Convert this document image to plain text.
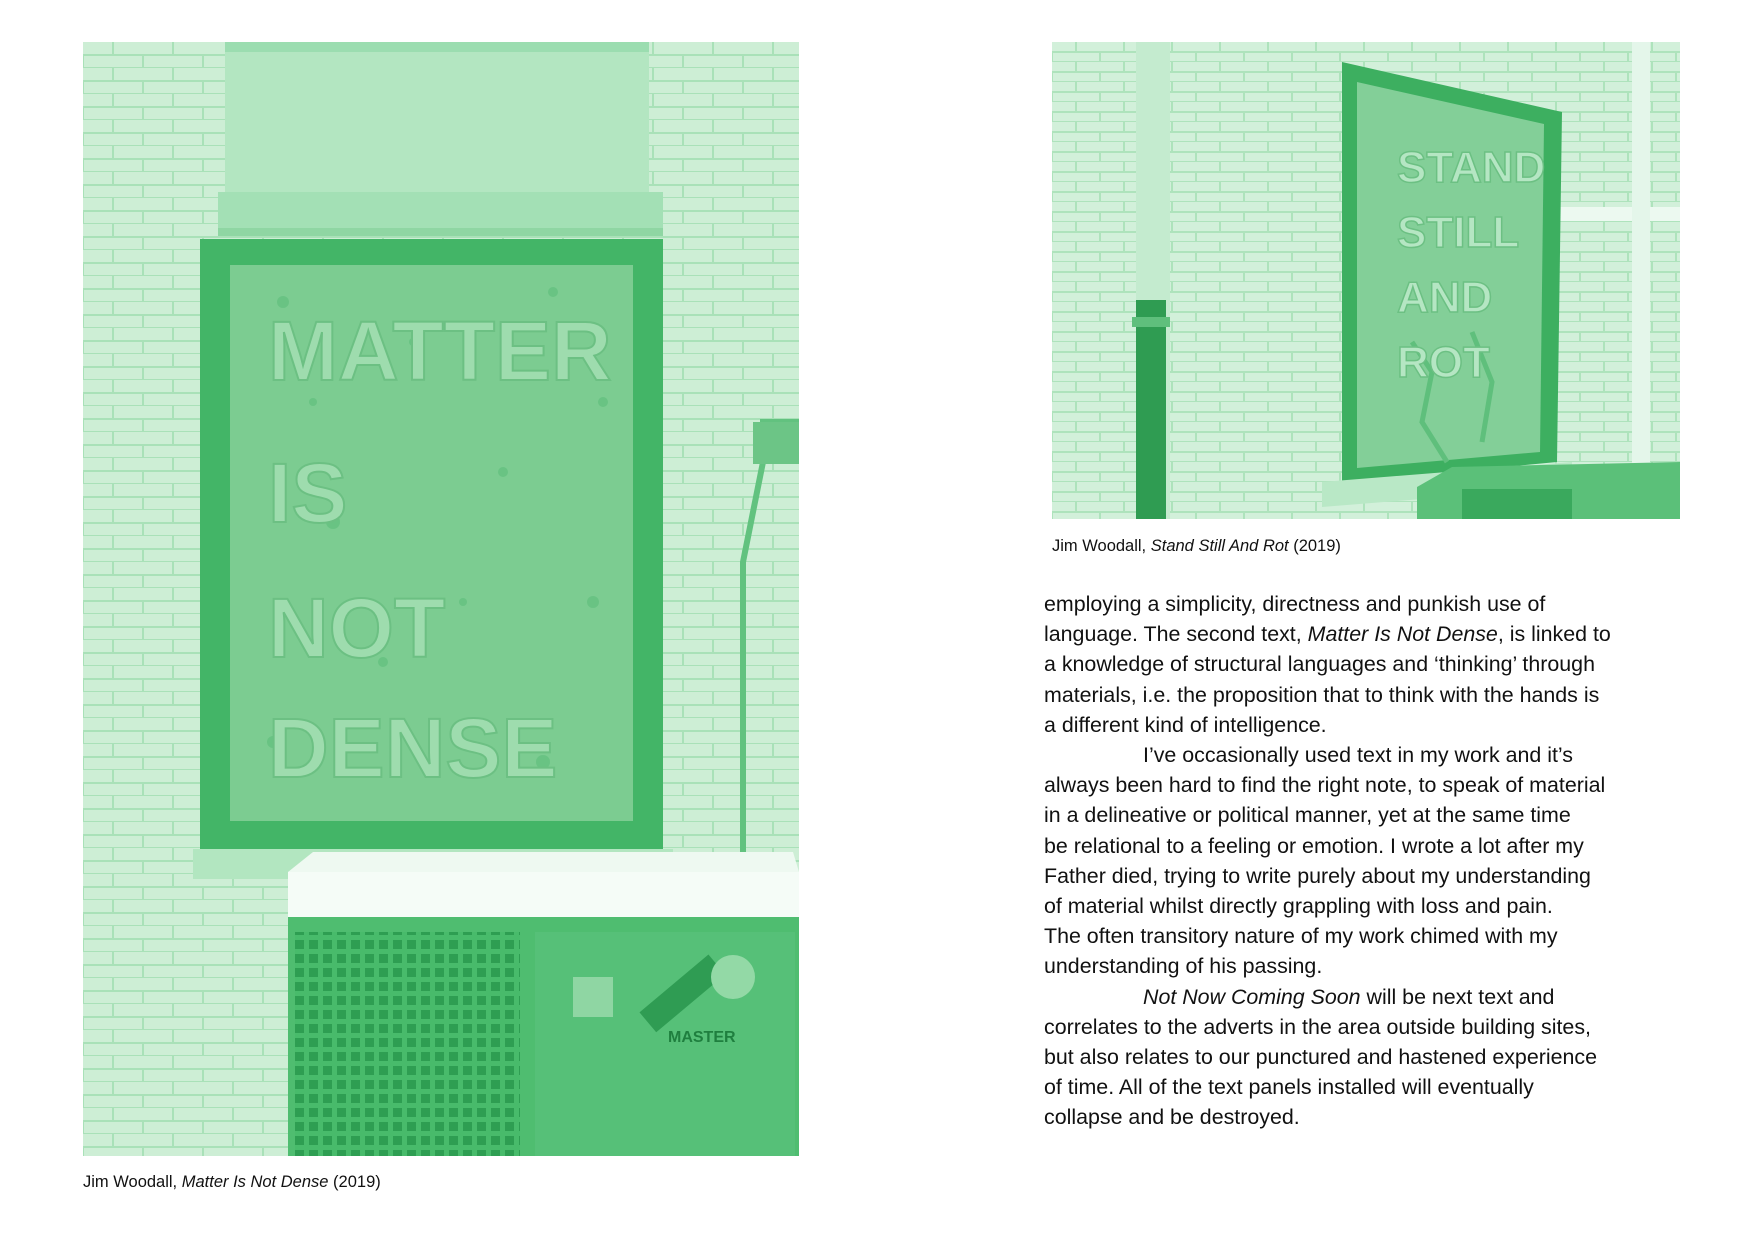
MATTER
IS
NOT
DENSE
MASTER
Jim Woodall, Matter Is Not Dense (2019)
STAND
STILL
AND
ROT
Jim Woodall, Stand Still And Rot (2019)
employing a simplicity, directness and punkish use of
language. The second text, Matter Is Not Dense, is linked to
a knowledge of structural languages and ‘thinking’ through
materials, i.e. the proposition that to think with the hands is
a different kind of intelligence.
I’ve occasionally used text in my work and it’s
always been hard to find the right note, to speak of material
in a delineative or political manner, yet at the same time
be relational to a feeling or emotion. I wrote a lot after my
Father died, trying to write purely about my understanding
of material whilst directly grappling with loss and pain.
The often transitory nature of my work chimed with my
understanding of his passing.
Not Now Coming Soon will be next text and
correlates to the adverts in the area outside building sites,
but also relates to our punctured and hastened experience
of time. All of the text panels installed will eventually
collapse and be destroyed.
